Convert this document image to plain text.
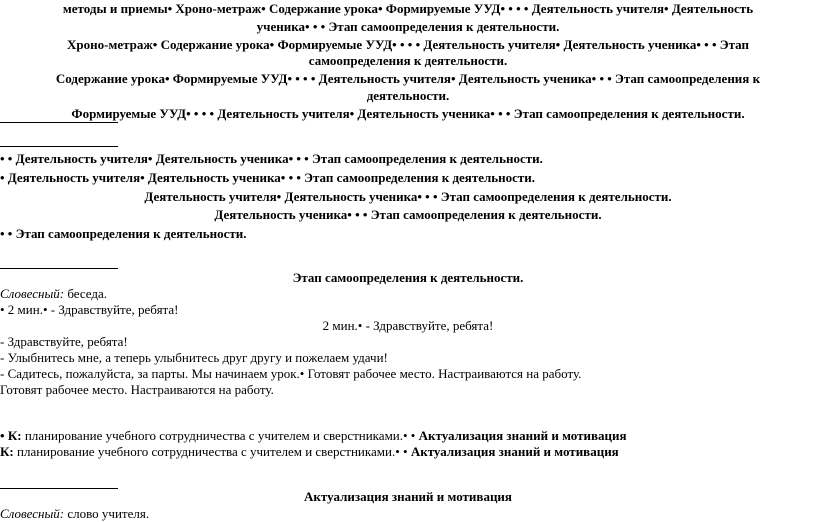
методы и приемы• Хроно-метраж• Содержание урока• Формируемые УУД• • • • Деятельность учителя• Деятельность
ученика• • • Этап самоопределения к деятельности.
Хроно-метраж• Содержание урока• Формируемые УУД• • • • Деятельность учителя• Деятельность ученика• • • Этап
самоопределения к деятельности.
Содержание урока• Формируемые УУД• • • • Деятельность учителя• Деятельность ученика• • • Этап самоопределения к
деятельности.
Формируемые УУД• • • • Деятельность учителя• Деятельность ученика• • • Этап самоопределения к деятельности.
• • Деятельность учителя• Деятельность ученика• • • Этап самоопределения к деятельности.
• Деятельность учителя• Деятельность ученика• • • Этап самоопределения к деятельности.
Деятельность учителя• Деятельность ученика• • • Этап самоопределения к деятельности.
Деятельность ученика• • • Этап самоопределения к деятельности.
• • Этап самоопределения к деятельности.
Этап самоопределения к деятельности.
Словесный: беседа.
• 2 мин.• - Здравствуйте, ребята!
2 мин.• - Здравствуйте, ребята!
- Здравствуйте, ребята!
- Улыбнитесь мне, а теперь улыбнитесь друг другу и пожелаем удачи!
- Садитесь, пожалуйста, за парты. Мы начинаем урок.• Готовят рабочее место. Настраиваются на работу.
Готовят рабочее место. Настраиваются на работу.
• К: планирование учебного сотрудничества с учителем и сверстниками.• • Актуализация знаний и мотивация
К: планирование учебного сотрудничества с учителем и сверстниками.• • Актуализация знаний и мотивация
Актуализация знаний и мотивация
Словесный: слово учителя.
